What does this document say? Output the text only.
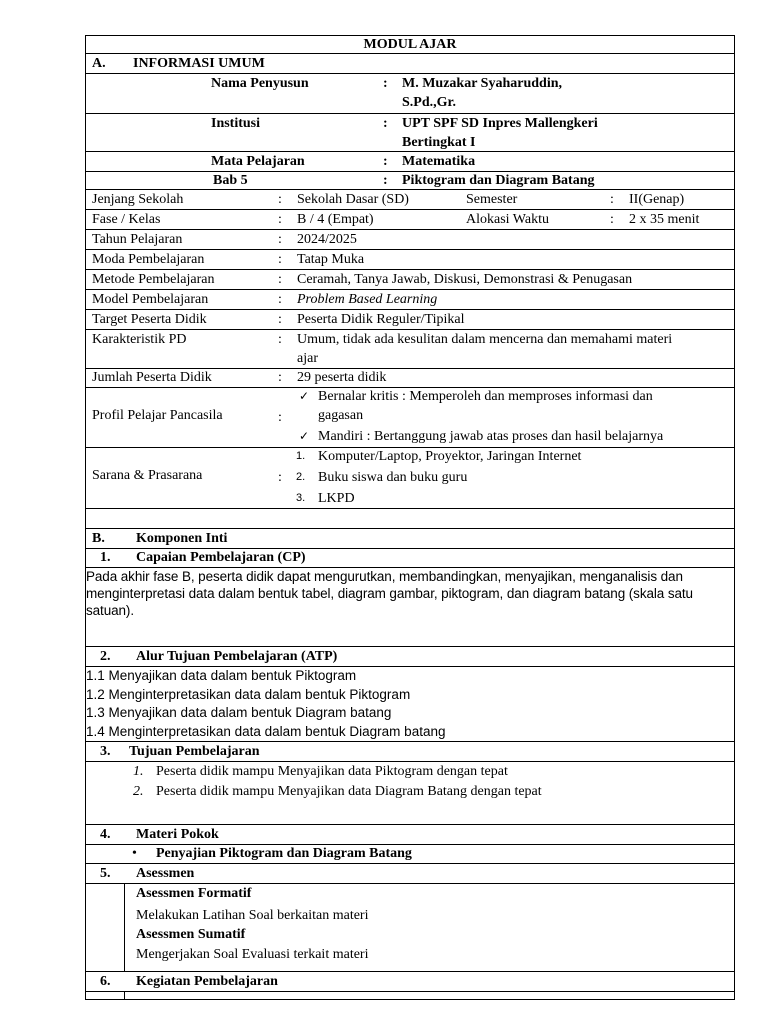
MODUL AJAR
A. INFORMASI UMUM
Nama Penyusun	: M. Muzakar Syaharuddin,
S.Pd.,Gr.
Institusi	: UPT SPF SD Inpres Mallengkeri
Bertingkat I
Mata Pelajaran	: Matematika
Bab 5	: Piktogram dan Diagram Batang
Jenjang Sekolah	: Sekolah Dasar (SD)	Semester	: II(Genap)
Fase / Kelas	: B / 4 (Empat)	Alokasi Waktu	: 2 x 35 menit
Tahun Pelajaran	: 2024/2025
Moda Pembelajaran	: Tatap Muka
Metode Pembelajaran	: Ceramah, Tanya Jawab, Diskusi, Demonstrasi & Penugasan
Model Pembelajaran	: Problem Based Learning
Target Peserta Didik	: Peserta Didik Reguler/Tipikal
Karakteristik PD	: Umum, tidak ada kesulitan dalam mencerna dan memahami materi
ajar
Jumlah Peserta Didik	: 29 peserta didik
Profil Pelajar Pancasila	:
✓ Bernalar kritis : Memperoleh dan memproses informasi dan
gagasan
✓ Mandiri : Bertanggung jawab atas proses dan hasil belajarnya
Sarana & Prasarana	:
1. Komputer/Laptop, Proyektor, Jaringan Internet
2. Buku siswa dan buku guru
3. LKPD
B. Komponen Inti
1. Capaian Pembelajaran (CP)
Pada akhir fase B, peserta didik dapat mengurutkan, membandingkan, menyajikan, menganalisis dan menginterpretasi data dalam bentuk tabel, diagram gambar, piktogram, dan diagram batang (skala satu satuan).
2. Alur Tujuan Pembelajaran (ATP)
1.1 Menyajikan data dalam bentuk Piktogram
1.2 Menginterpretasikan data dalam bentuk Piktogram
1.3 Menyajikan data dalam bentuk Diagram batang
1.4 Menginterpretasikan data dalam bentuk Diagram batang
3. Tujuan Pembelajaran
1. Peserta didik mampu Menyajikan data Piktogram dengan tepat
2. Peserta didik mampu Menyajikan data Diagram Batang dengan tepat
4. Materi Pokok
• Penyajian Piktogram dan Diagram Batang
5. Asessmen
Asessmen Formatif
Melakukan Latihan Soal berkaitan materi
Asessmen Sumatif
Mengerjakan Soal Evaluasi terkait materi
6. Kegiatan Pembelajaran
